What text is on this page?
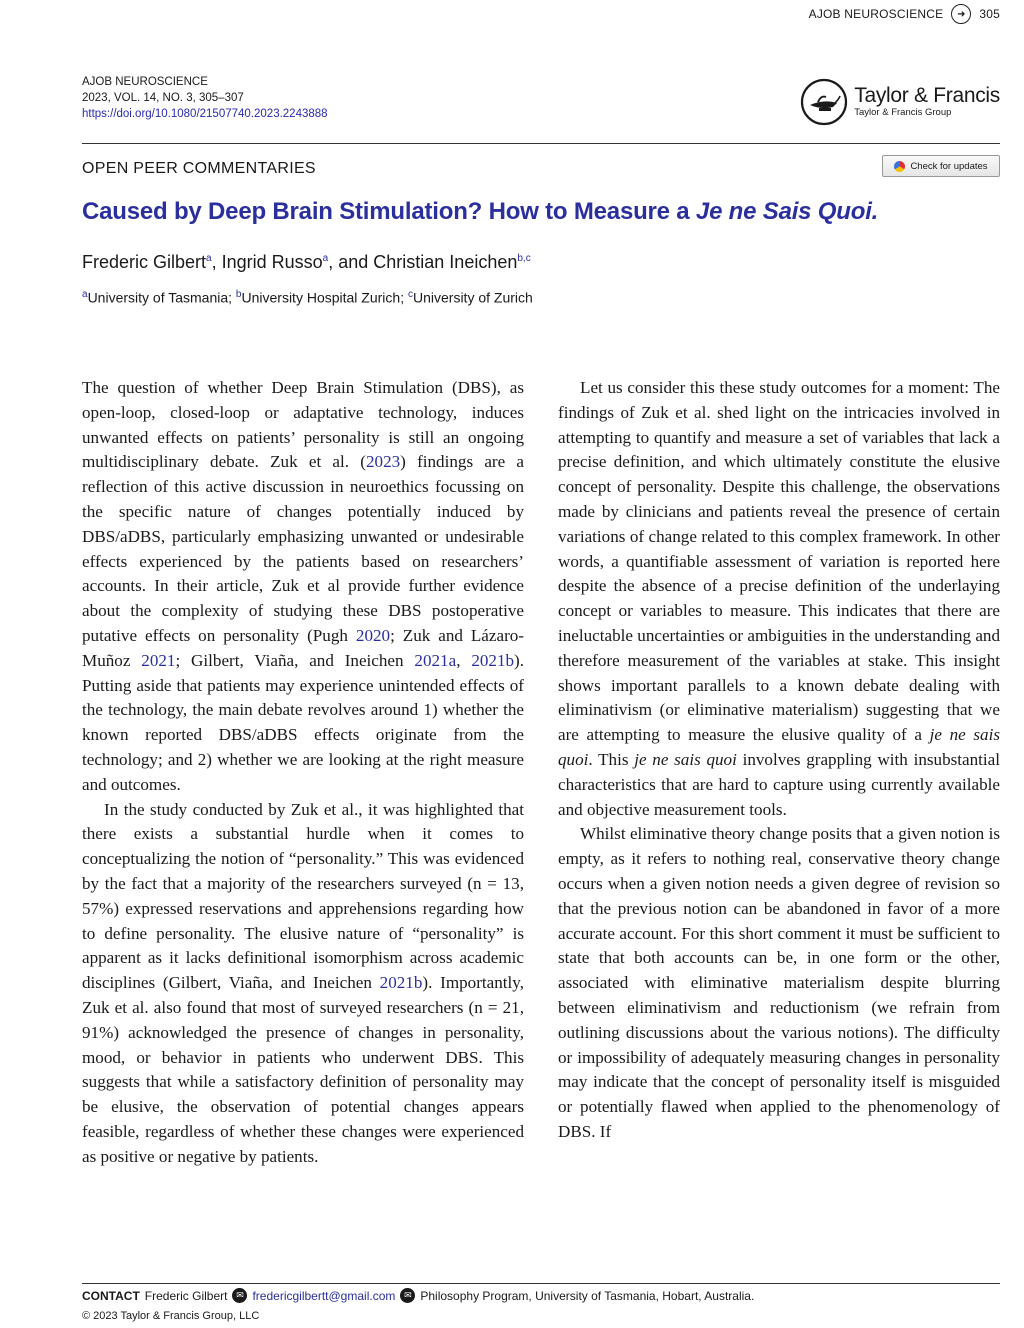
AJOB NEUROSCIENCE	➜	305
AJOB NEUROSCIENCE
2023, VOL. 14, NO. 3, 305–307
https://doi.org/10.1080/21507740.2023.2243888
Taylor & Francis
Taylor & Francis Group
OPEN PEER COMMENTARIES	Check for updates
Caused by Deep Brain Stimulation? How to Measure a Je ne Sais Quoi.
Frederic Gilbert$^a$, Ingrid Russo$^a$, and Christian Ineichen$^{b,c}$
$^a$University of Tasmania; $^b$University Hospital Zurich; $^c$University of Zurich

The question of whether Deep Brain Stimulation (DBS), as open-loop, closed-loop or adaptative technology, induces unwanted effects on patients’ personality is still an ongoing multidisciplinary debate. Zuk et al. (2023) findings are a reflection of this active discussion in neuroethics focussing on the specific nature of changes potentially induced by DBS/aDBS, particularly emphasizing unwanted or undesirable effects experienced by the patients based on researchers’ accounts. In their article, Zuk et al provide further evidence about the complexity of studying these DBS postoperative putative effects on personality (Pugh 2020; Zuk and Lázaro-Muñoz 2021; Gilbert, Viaña, and Ineichen 2021a, 2021b). Putting aside that patients may experience unintended effects of the technology, the main debate revolves around 1) whether the known reported DBS/aDBS effects originate from the technology; and 2) whether we are looking at the right measure and outcomes.

In the study conducted by Zuk et al., it was highlighted that there exists a substantial hurdle when it comes to conceptualizing the notion of “personality.” This was evidenced by the fact that a majority of the researchers surveyed (n = 13, 57%) expressed reservations and apprehensions regarding how to define personality. The elusive nature of “personality” is apparent as it lacks definitional isomorphism across academic disciplines (Gilbert, Viaña, and Ineichen 2021b). Importantly, Zuk et al. also found that most of surveyed researchers (n = 21, 91%) acknowledged the presence of changes in personality, mood, or behavior in patients who underwent DBS. This suggests that while a satisfactory definition of personality may be elusive, the observation of potential changes appears feasible, regardless of whether these changes were experienced as positive or negative by patients.

Let us consider this these study outcomes for a moment: The findings of Zuk et al. shed light on the intricacies involved in attempting to quantify and measure a set of variables that lack a precise definition, and which ultimately constitute the elusive concept of personality. Despite this challenge, the observations made by clinicians and patients reveal the presence of certain variations of change related to this complex framework. In other words, a quantifiable assessment of variation is reported here despite the absence of a precise definition of the underlaying concept or variables to measure. This indicates that there are ineluctable uncertainties or ambiguities in the understanding and therefore measurement of the variables at stake. This insight shows important parallels to a known debate dealing with eliminativism (or eliminative materialism) suggesting that we are attempting to measure the elusive quality of a je ne sais quoi. This je ne sais quoi involves grappling with insubstantial characteristics that are hard to capture using currently available and objective measurement tools.

Whilst eliminative theory change posits that a given notion is empty, as it refers to nothing real, conservative theory change occurs when a given notion needs a given degree of revision so that the previous notion can be abandoned in favor of a more accurate account. For this short comment it must be sufficient to state that both accounts can be, in one form or the other, associated with eliminative materialism despite blurring between eliminativism and reductionism (we refrain from outlining discussions about the various notions). The difficulty or impossibility of adequately measuring changes in personality may indicate that the concept of personality itself is misguided or potentially flawed when applied to the phenomenology of DBS. If

CONTACT Frederic Gilbert ✉ fredericgilbertt@gmail.com ✉ Philosophy Program, University of Tasmania, Hobart, Australia.
© 2023 Taylor & Francis Group, LLC
